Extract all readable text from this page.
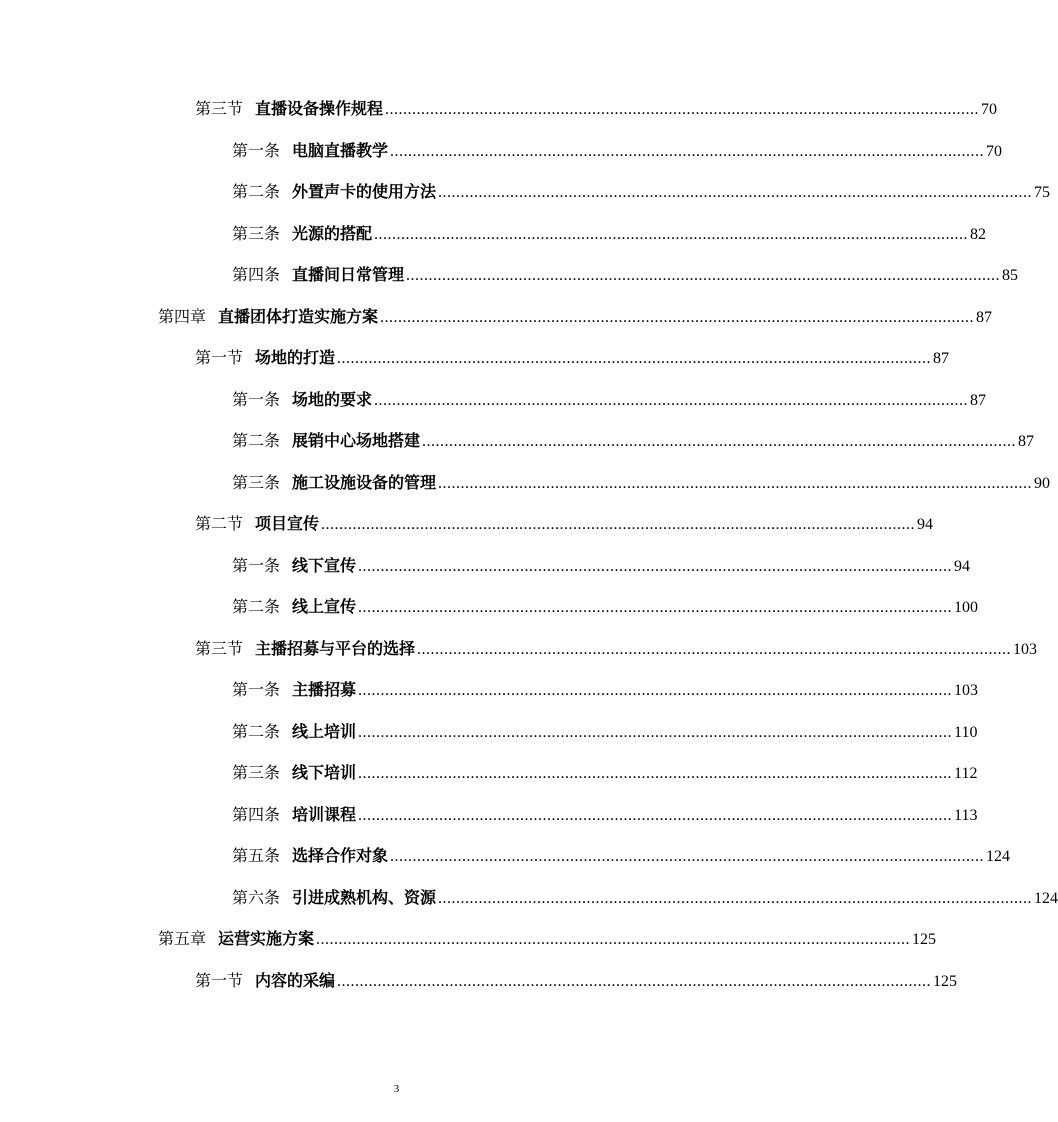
第三节 直播设备操作规程 .................................................................................................................................... 70
第一条 电脑直播教学 .................................................................................................................................... 70
第二条 外置声卡的使用方法 .................................................................................................................................... 75
第三条 光源的搭配 .................................................................................................................................... 82
第四条 直播间日常管理 .................................................................................................................................... 85
第四章 直播团体打造实施方案 .................................................................................................................................... 87
第一节 场地的打造 .................................................................................................................................... 87
第一条 场地的要求 .................................................................................................................................... 87
第二条 展销中心场地搭建 .................................................................................................................................... 87
第三条 施工设施设备的管理 .................................................................................................................................... 90
第二节 项目宣传 .................................................................................................................................... 94
第一条 线下宣传 .................................................................................................................................... 94
第二条 线上宣传 .................................................................................................................................... 100
第三节 主播招募与平台的选择 .................................................................................................................................... 103
第一条 主播招募 .................................................................................................................................... 103
第二条 线上培训 .................................................................................................................................... 110
第三条 线下培训 .................................................................................................................................... 112
第四条 培训课程 .................................................................................................................................... 113
第五条 选择合作对象 .................................................................................................................................... 124
第六条 引进成熟机构、资源 .................................................................................................................................... 124
第五章 运营实施方案 .................................................................................................................................... 125
第一节 内容的采编 .................................................................................................................................... 125
3
